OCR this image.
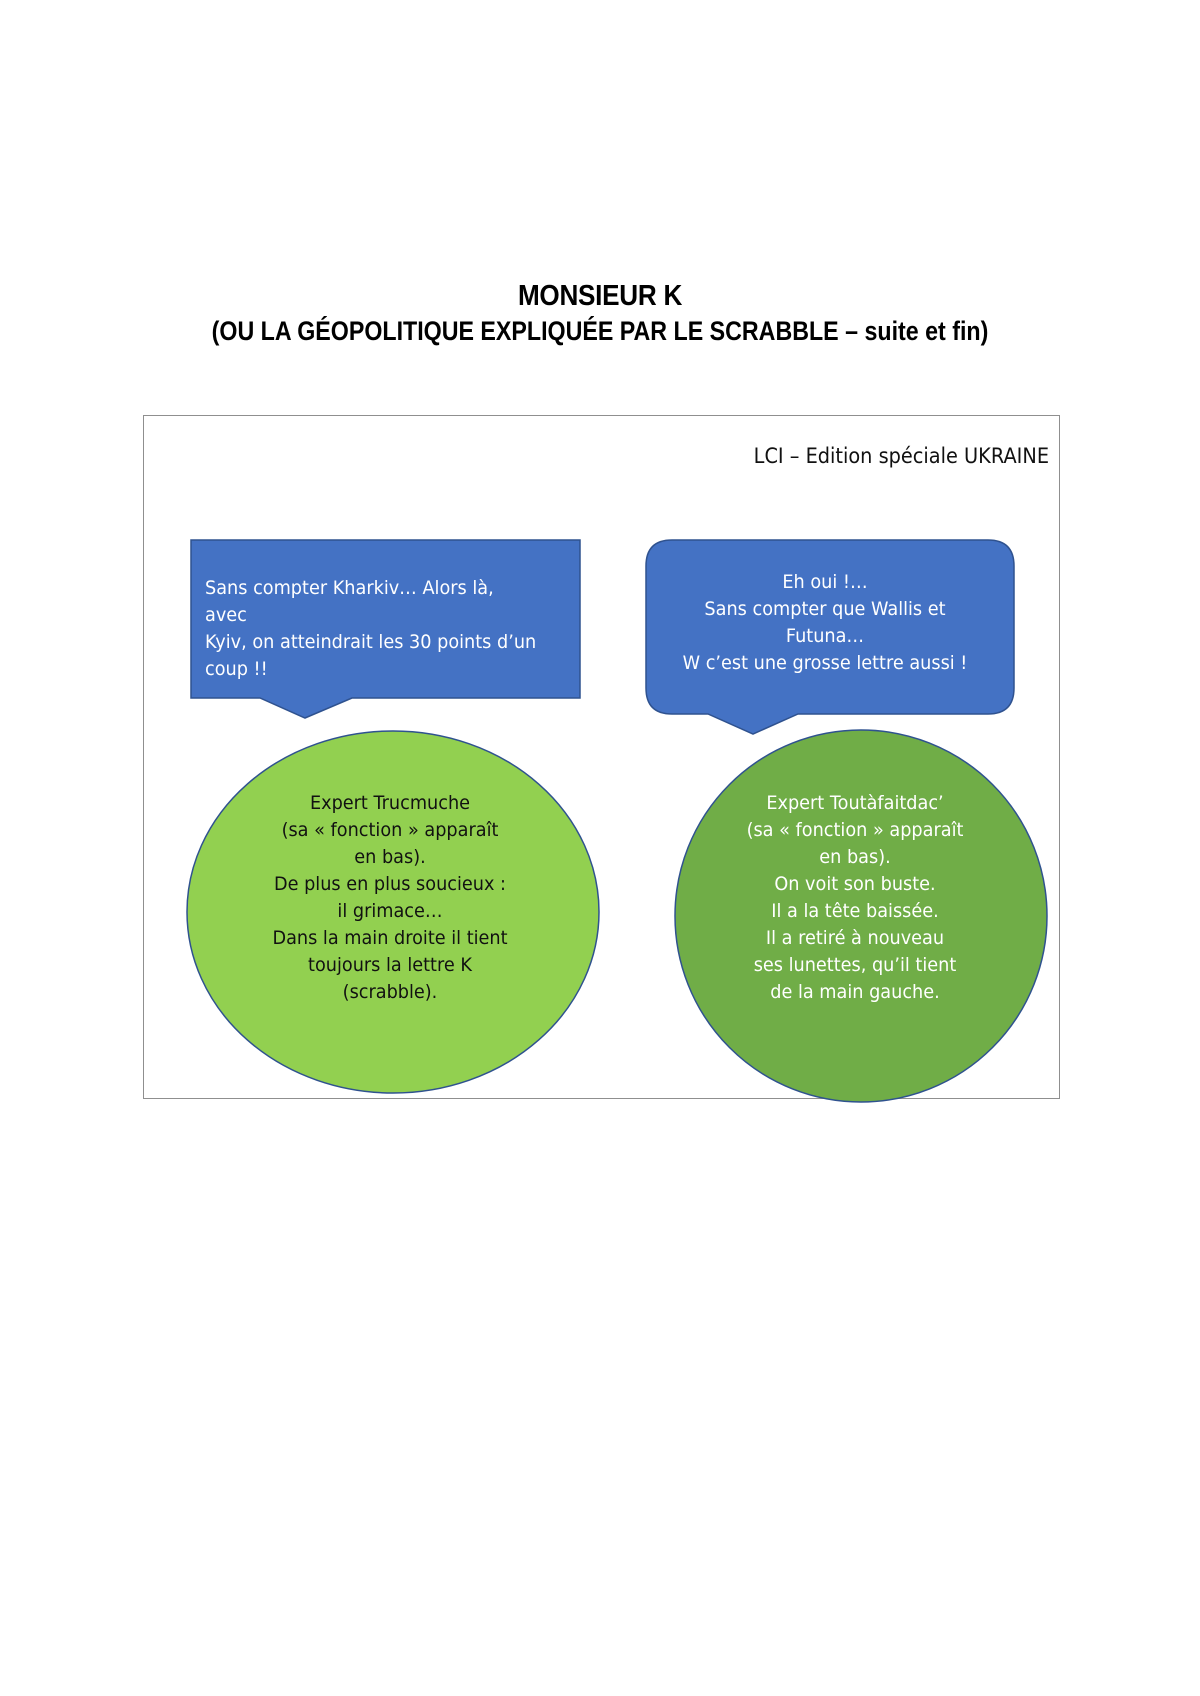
MONSIEUR K
(OU LA GÉOPOLITIQUE EXPLIQUÉE PAR LE SCRABBLE – suite et fin)
LCI – Edition spéciale UKRAINE
Sans compter Kharkiv… Alors là, avec
Kyiv, on atteindrait les 30 points d’un
coup !!
Eh oui !…
Sans compter que Wallis et
Futuna…
W c’est une grosse lettre aussi !
Expert Trucmuche
(sa « fonction » apparaît
en bas).
De plus en plus soucieux :
il grimace…
Dans la main droite il tient
toujours la lettre K
(scrabble).
Expert Toutàfaitdac’
(sa « fonction » apparaît
en bas).
On voit son buste.
Il a la tête baissée.
Il a retiré à nouveau
ses lunettes, qu’il tient
de la main gauche.
